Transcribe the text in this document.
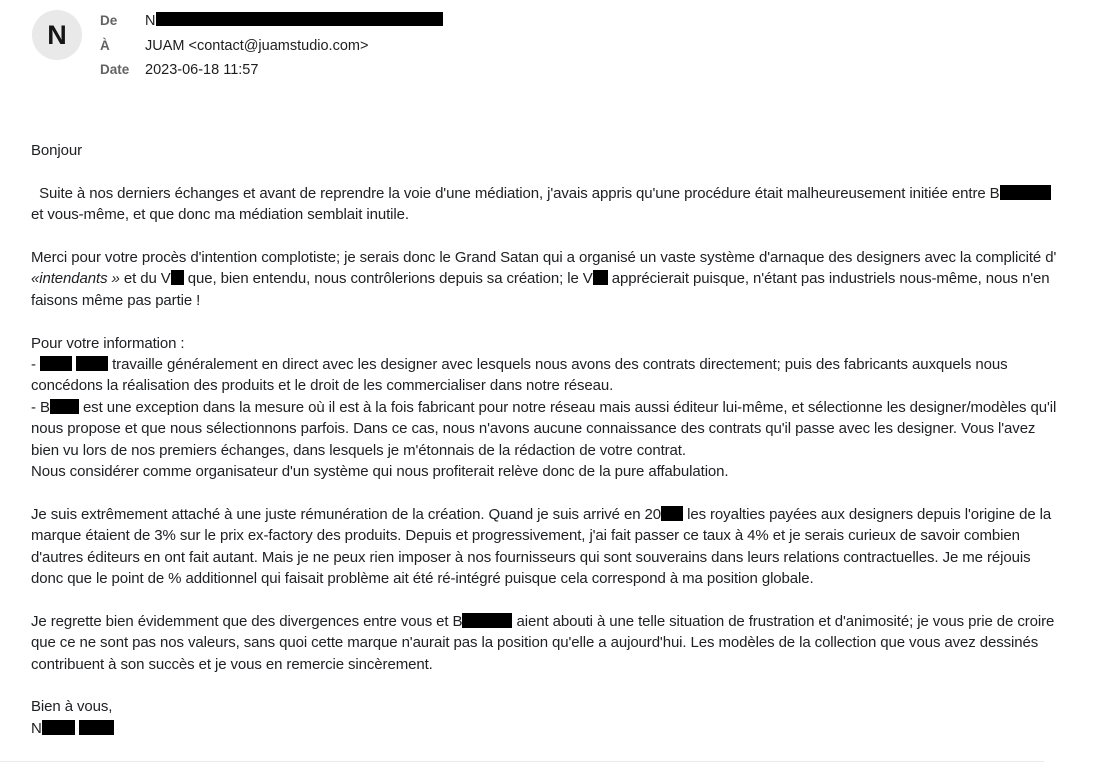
N De N
À JUAM <contact@juamstudio.com>
Date 2023-06-18 11:57

Bonjour

Suite à nos derniers échanges et avant de reprendre la voie d'une médiation, j'avais appris qu'une procédure était malheureusement initiée entre B	et vous-même, et que donc ma médiation semblait inutile.

Merci pour votre procès d'intention complotiste; je serais donc le Grand Satan qui a organisé un vaste système d'arnaque des designers avec la complicité d' «intendants » et du V que, bien entendu, nous contrôlerions depuis sa création; le V apprécierait puisque, n'étant pas industriels nous-même, nous n'en faisons même pas partie !

Pour votre information :
-	travaille généralement en direct avec les designer avec lesquels nous avons des contrats directement; puis des fabricants auxquels nous concédons la réalisation des produits et le droit de les commercialiser dans notre réseau.
- B est une exception dans la mesure où il est à la fois fabricant pour notre réseau mais aussi éditeur lui-même, et sélectionne les designer/modèles qu'il nous propose et que nous sélectionnons parfois. Dans ce cas, nous n'avons aucune connaissance des contrats qu'il passe avec les designer. Vous l'avez bien vu lors de nos premiers échanges, dans lesquels je m'étonnais de la rédaction de votre contrat.
Nous considérer comme organisateur d'un système qui nous profiterait relève donc de la pure affabulation.

Je suis extrêmement attaché à une juste rémunération de la création. Quand je suis arrivé en 20 les royalties payées aux designers depuis l'origine de la marque étaient de 3% sur le prix ex-factory des produits. Depuis et progressivement, j'ai fait passer ce taux à 4% et je serais curieux de savoir combien d'autres éditeurs en ont fait autant. Mais je ne peux rien imposer à nos fournisseurs qui sont souverains dans leurs relations contractuelles. Je me réjouis donc que le point de % additionnel qui faisait problème ait été ré-intégré puisque cela correspond à ma position globale.

Je regrette bien évidemment que des divergences entre vous et B	aient abouti à une telle situation de frustration et d'animosité; je vous prie de croire que ce ne sont pas nos valeurs, sans quoi cette marque n'aurait pas la position qu'elle a aujourd'hui. Les modèles de la collection que vous avez dessinés contribuent à son succès et je vous en remercie sincèrement.

Bien à vous,
N
